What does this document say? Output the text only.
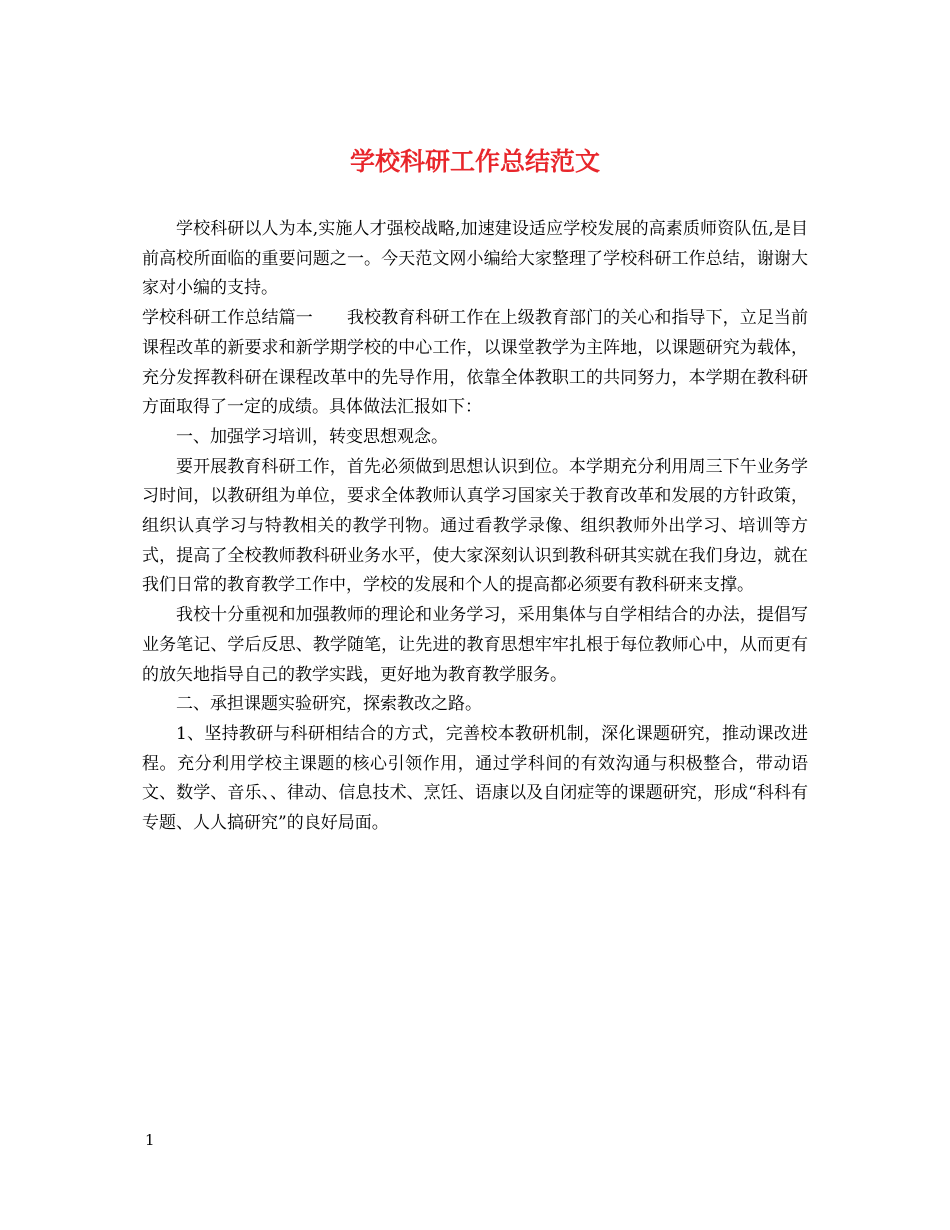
学校科研工作总结范文

学校科研以人为本,实施人才强校战略,加速建设适应学校发展的高素质师资队伍,是目前高校所面临的重要问题之一。今天范文网小编给大家整理了学校科研工作总结，谢谢大家对小编的支持。

学校科研工作总结篇一　　我校教育科研工作在上级教育部门的关心和指导下，立足当前课程改革的新要求和新学期学校的中心工作，以课堂教学为主阵地，以课题研究为载体，充分发挥教科研在课程改革中的先导作用，依靠全体教职工的共同努力，本学期在教科研方面取得了一定的成绩。具体做法汇报如下：

一、加强学习培训，转变思想观念。

要开展教育科研工作，首先必须做到思想认识到位。本学期充分利用周三下午业务学习时间，以教研组为单位，要求全体教师认真学习国家关于教育改革和发展的方针政策，组织认真学习与特教相关的教学刊物。通过看教学录像、组织教师外出学习、培训等方式，提高了全校教师教科研业务水平，使大家深刻认识到教科研其实就在我们身边，就在我们日常的教育教学工作中，学校的发展和个人的提高都必须要有教科研来支撑。

我校十分重视和加强教师的理论和业务学习，采用集体与自学相结合的办法，提倡写业务笔记、学后反思、教学随笔，让先进的教育思想牢牢扎根于每位教师心中，从而更有的放矢地指导自己的教学实践，更好地为教育教学服务。

二、承担课题实验研究，探索教改之路。

1、坚持教研与科研相结合的方式，完善校本教研机制，深化课题研究，推动课改进程。充分利用学校主课题的核心引领作用，通过学科间的有效沟通与积极整合，带动语文、数学、音乐、、律动、信息技术、烹饪、语康以及自闭症等的课题研究，形成“科科有专题、人人搞研究”的良好局面。

1
